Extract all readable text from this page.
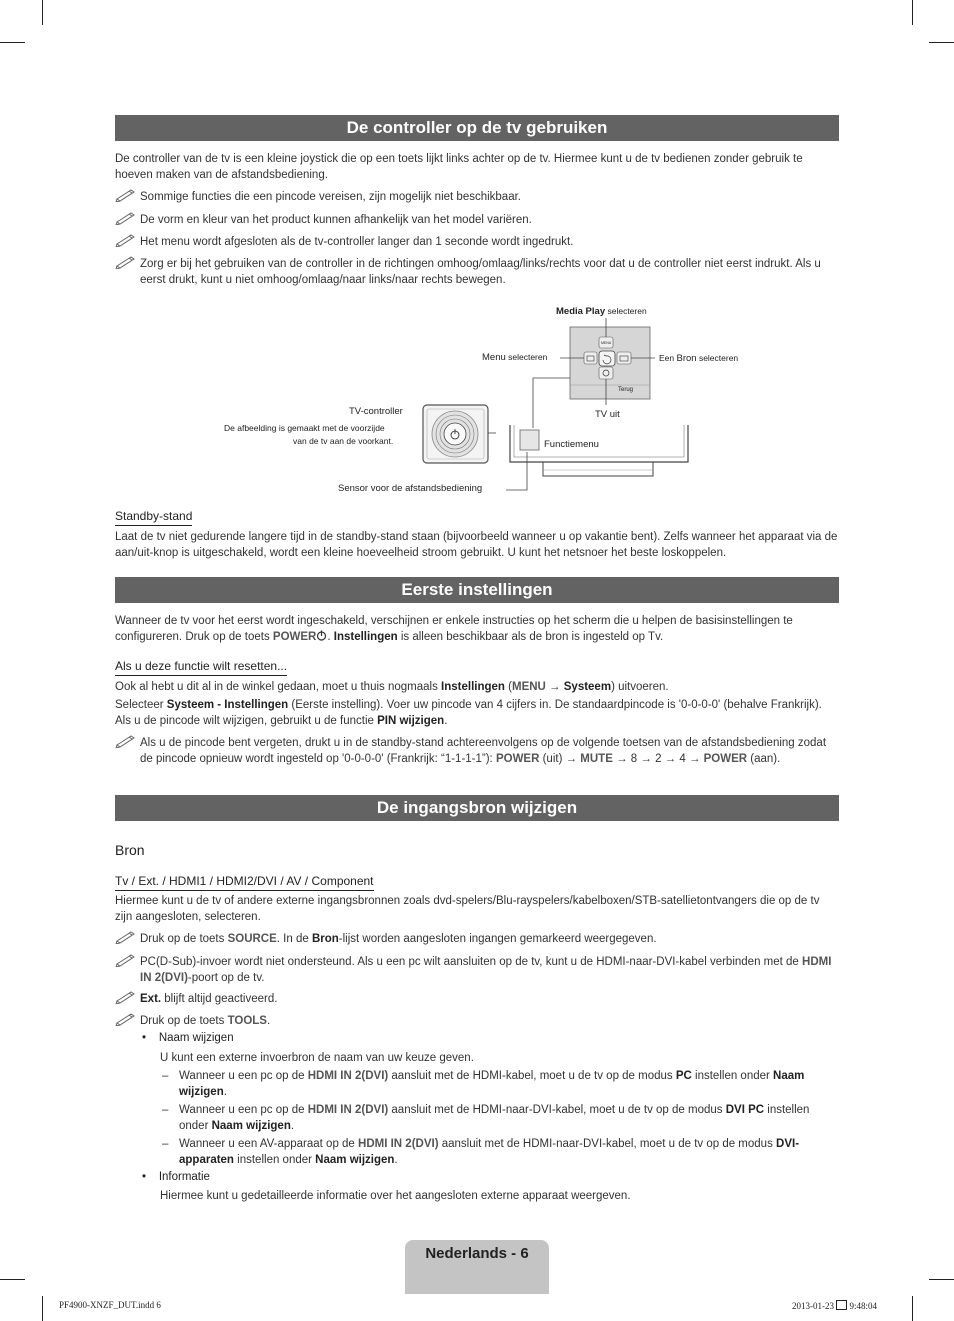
De controller op de tv gebruiken
De controller van de tv is een kleine joystick die op een toets lijkt links achter op de tv. Hiermee kunt u de tv bedienen zonder gebruik te hoeven maken van de afstandsbediening.
Sommige functies die een pincode vereisen, zijn mogelijk niet beschikbaar.
De vorm en kleur van het product kunnen afhankelijk van het model variëren.
Het menu wordt afgesloten als de tv-controller langer dan 1 seconde wordt ingedrukt.
Zorg er bij het gebruiken van de controller in de richtingen omhoog/omlaag/links/rechts voor dat u de controller niet eerst indrukt. Als u eerst drukt, kunt u niet omhoog/omlaag/naar links/naar rechts bewegen.
Media Play selecteren
Menu selecteren	Een Bron selecteren
MENU
Terug
TV uit
TV-controller
De afbeelding is gemaakt met de voorzijde
van de tv aan de voorkant.	Functiemenu
Sensor voor de afstandsbediening
Standby-stand
Laat de tv niet gedurende langere tijd in de standby-stand staan (bijvoorbeeld wanneer u op vakantie bent). Zelfs wanneer het apparaat via de aan/uit-knop is uitgeschakeld, wordt een kleine hoeveelheid stroom gebruikt. U kunt het netsnoer het beste loskoppelen.
Eerste instellingen
Wanneer de tv voor het eerst wordt ingeschakeld, verschijnen er enkele instructies op het scherm die u helpen de basisinstellingen te configureren. Druk op de toets POWER . Instellingen is alleen beschikbaar als de bron is ingesteld op Tv.
Als u deze functie wilt resetten...
Ook al hebt u dit al in de winkel gedaan, moet u thuis nogmaals Instellingen (MENU → Systeem) uitvoeren.
Selecteer Systeem - Instellingen (Eerste instelling). Voer uw pincode van 4 cijfers in. De standaardpincode is '0-0-0-0' (behalve Frankrijk). Als u de pincode wilt wijzigen, gebruikt u de functie PIN wijzigen.
Als u de pincode bent vergeten, drukt u in de standby-stand achtereenvolgens op de volgende toetsen van de afstandsbediening zodat de pincode opnieuw wordt ingesteld op '0-0-0-0' (Frankrijk: “1-1-1-1”): POWER (uit) → MUTE → 8 → 2 → 4 → POWER (aan).
De ingangsbron wijzigen
Bron
Tv / Ext. / HDMI1 / HDMI2/DVI / AV / Component
Hiermee kunt u de tv of andere externe ingangsbronnen zoals dvd-spelers/Blu-rayspelers/kabelboxen/STB-satellietontvangers die op de tv zijn aangesloten, selecteren.
Druk op de toets SOURCE. In de Bron-lijst worden aangesloten ingangen gemarkeerd weergegeven.
PC(D-Sub)-invoer wordt niet ondersteund. Als u een pc wilt aansluiten op de tv, kunt u de HDMI-naar-DVI-kabel verbinden met de HDMI IN 2(DVI)-poort op de tv.
Ext. blijft altijd geactiveerd.
Druk op de toets TOOLS.
•    Naam wijzigen
U kunt een externe invoerbron de naam van uw keuze geven.
– Wanneer u een pc op de HDMI IN 2(DVI) aansluit met de HDMI-kabel, moet u de tv op de modus PC instellen onder Naam wijzigen.
– Wanneer u een pc op de HDMI IN 2(DVI) aansluit met de HDMI-naar-DVI-kabel, moet u de tv op de modus DVI PC instellen onder Naam wijzigen.
– Wanneer u een AV-apparaat op de HDMI IN 2(DVI) aansluit met de HDMI-naar-DVI-kabel, moet u de tv op de modus DVI-apparaten instellen onder Naam wijzigen.
•    Informatie
Hiermee kunt u gedetailleerde informatie over het aangesloten externe apparaat weergeven.
Nederlands - 6
PF4900-XNZF_DUT.indd 6	2013-01-23  9:48:04
